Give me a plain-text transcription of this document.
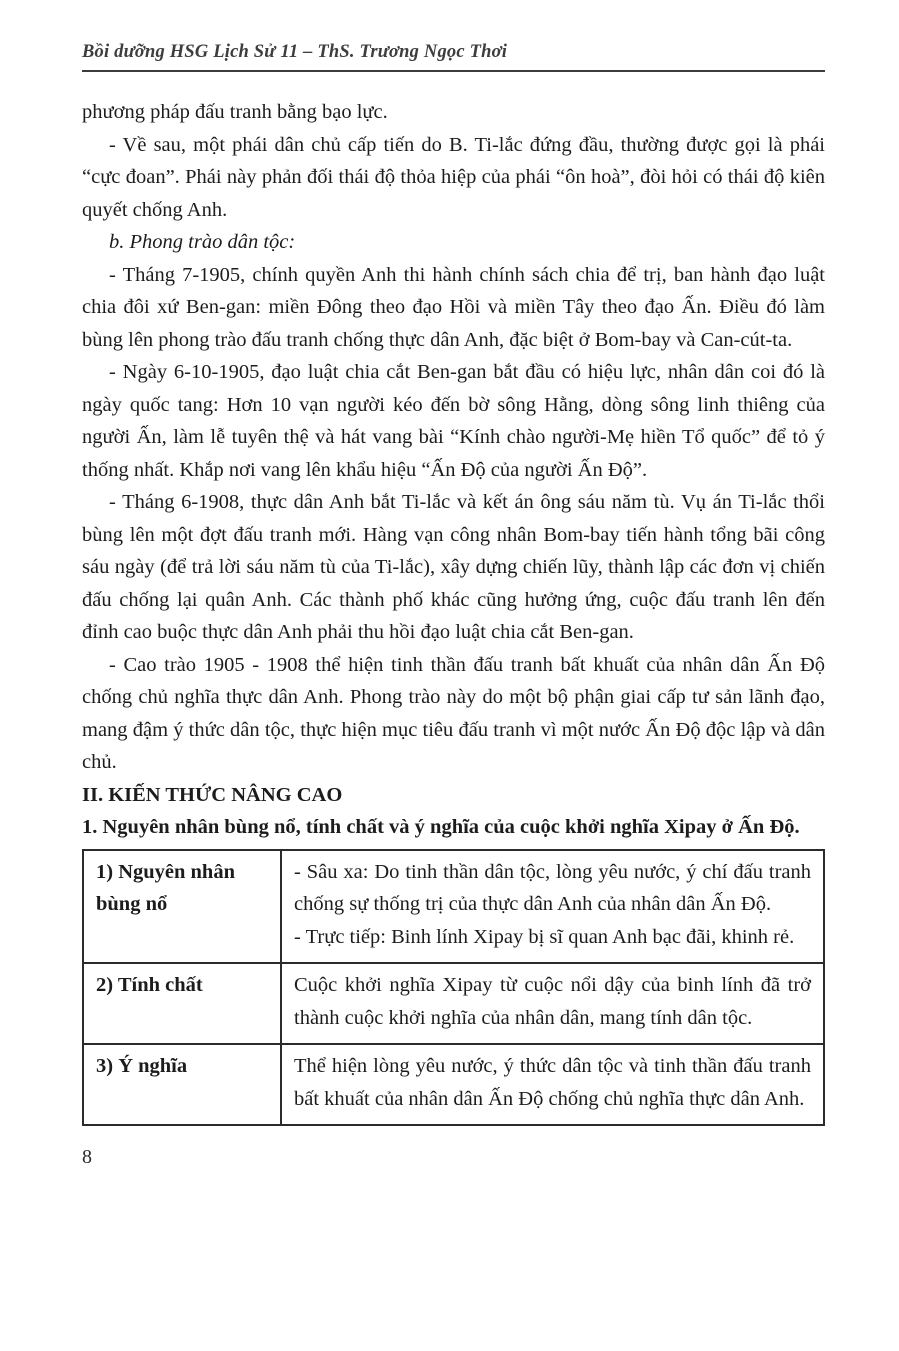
Bồi dưỡng HSG Lịch Sử 11 – ThS. Trương Ngọc Thơi

phương pháp đấu tranh bằng bạo lực.

- Về sau, một phái dân chủ cấp tiến do B. Ti-lắc đứng đầu, thường được gọi là phái “cực đoan”. Phái này phản đối thái độ thỏa hiệp của phái “ôn hoà”, đòi hỏi có thái độ kiên quyết chống Anh.

b. Phong trào dân tộc:

- Tháng 7-1905, chính quyền Anh thi hành chính sách chia để trị, ban hành đạo luật chia đôi xứ Ben-gan: miền Đông theo đạo Hồi và miền Tây theo đạo Ấn. Điều đó làm bùng lên phong trào đấu tranh chống thực dân Anh, đặc biệt ở Bom-bay và Can-cút-ta.

- Ngày 6-10-1905, đạo luật chia cắt Ben-gan bắt đầu có hiệu lực, nhân dân coi đó là ngày quốc tang: Hơn 10 vạn người kéo đến bờ sông Hằng, dòng sông linh thiêng của người Ấn, làm lễ tuyên thệ và hát vang bài “Kính chào người-Mẹ hiền Tổ quốc” để tỏ ý thống nhất. Khắp nơi vang lên khẩu hiệu “Ấn Độ của người Ấn Độ”.

- Tháng 6-1908, thực dân Anh bắt Ti-lắc và kết án ông sáu năm tù. Vụ án Ti-lắc thổi bùng lên một đợt đấu tranh mới. Hàng vạn công nhân Bom-bay tiến hành tổng bãi công sáu ngày (để trả lời sáu năm tù của Ti-lắc), xây dựng chiến lũy, thành lập các đơn vị chiến đấu chống lại quân Anh. Các thành phố khác cũng hưởng ứng, cuộc đấu tranh lên đến đỉnh cao buộc thực dân Anh phải thu hồi đạo luật chia cắt Ben-gan.

- Cao trào 1905 - 1908 thể hiện tinh thần đấu tranh bất khuất của nhân dân Ấn Độ chống chủ nghĩa thực dân Anh. Phong trào này do một bộ phận giai cấp tư sản lãnh đạo, mang đậm ý thức dân tộc, thực hiện mục tiêu đấu tranh vì một nước Ấn Độ độc lập và dân chủ.

II. KIẾN THỨC NÂNG CAO

1. Nguyên nhân bùng nổ, tính chất và ý nghĩa của cuộc khởi nghĩa Xipay ở Ấn Độ.

1) Nguyên nhân bùng nổ	- Sâu xa: Do tinh thần dân tộc, lòng yêu nước, ý chí đấu tranh chống sự thống trị của thực dân Anh của nhân dân Ấn Độ.

- Trực tiếp: Binh lính Xipay bị sĩ quan Anh bạc đãi, khinh rẻ.

2) Tính chất	Cuộc khởi nghĩa Xipay từ cuộc nổi dậy của binh lính đã trở thành cuộc khởi nghĩa của nhân dân, mang tính dân tộc.

3) Ý nghĩa	Thể hiện lòng yêu nước, ý thức dân tộc và tinh thần đấu tranh bất khuất của nhân dân Ấn Độ chống chủ nghĩa thực dân Anh.

8
